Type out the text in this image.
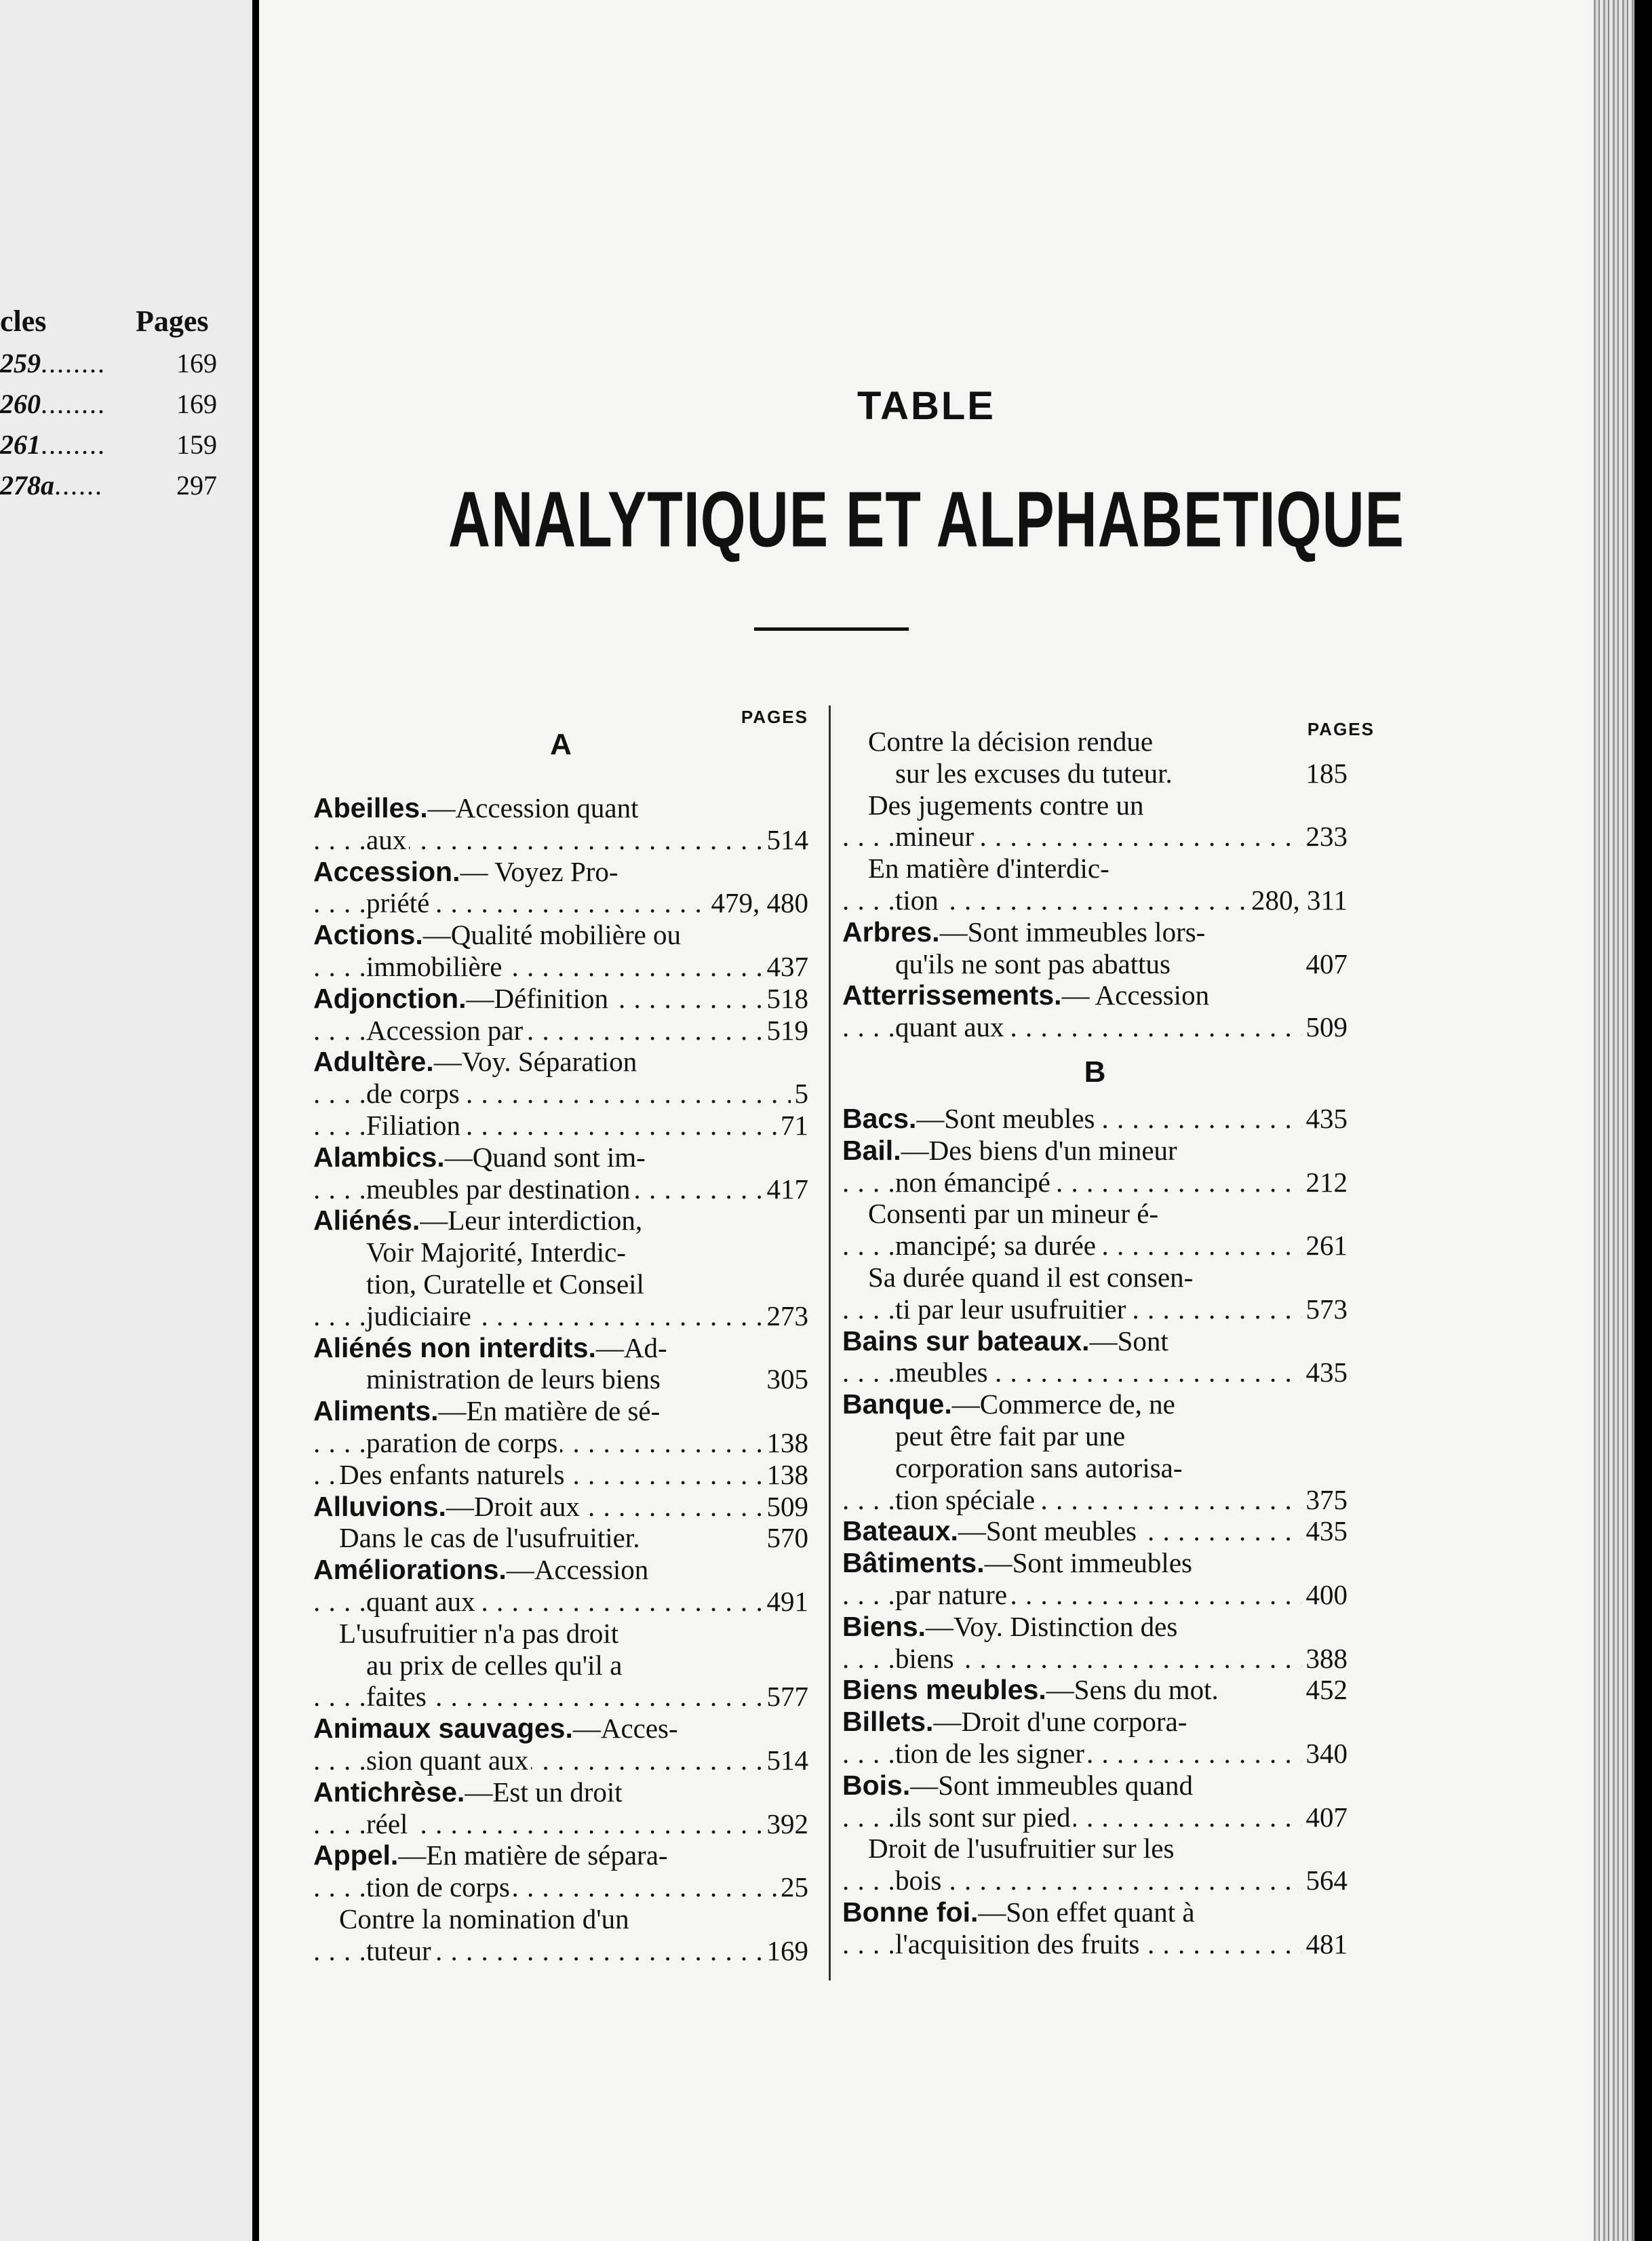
cles	Pages
259........	169
260........	169
261........	159
278a......	297
TABLE
ANALYTIQUE ET ALPHABETIQUE
PAGES
A
Abeilles.—Accession quant
aux	514
. . .
Accession.— Voyez Pro-
priété	479, 480
. . .
Actions.—Qualité mobilière ou
immobilière	437
. . .
Adjonction.—Définition	518
. . .
Accession par	519
. . .
Adultère.—Voy. Séparation
de corps	5
. . .
Filiation	71
. . .
Alambics.—Quand sont im-
meubles par destination	417
. . .
Aliénés.—Leur interdiction,
Voir Majorité, Interdic-
tion, Curatelle et Conseil
judiciaire	273
. . .
Aliénés non interdits.—Ad-
ministration de leurs biens	305
Aliments.—En matière de sé-
paration de corps	138
. . .
Des enfants naturels	138
. . .
Alluvions.—Droit aux	509
. . .
Dans le cas de l'usufruitier.	570
Améliorations.—Accession
quant aux	491
. . .
L'usufruitier n'a pas droit
au prix de celles qu'il a
faites	577
. . .
Animaux sauvages.—Acces-
sion quant aux	514
. . .
Antichrèse.—Est un droit
réel	392
. . .
Appel.—En matière de sépara-
tion de corps	25
. . .
Contre la nomination d'un
tuteur	169
. . .
PAGES
Contre la décision rendue
sur les excuses du tuteur.	185
Des jugements contre un
mineur	233
. . .
En matière d'interdic-
tion	280, 311
. . .
Arbres.—Sont immeubles lors-
qu'ils ne sont pas abattus	407
Atterrissements.— Accession
quant aux	509
. . .
B
Bacs.—Sont meubles	435
. . .
Bail.—Des biens d'un mineur
non émancipé	212
. . .
Consenti par un mineur é-
mancipé; sa durée	261
. . .
Sa durée quand il est consen-
ti par leur usufruitier	573
. . .
Bains sur bateaux.—Sont
meubles	435
. . .
Banque.—Commerce de, ne
peut être fait par une
corporation sans autorisa-
tion spéciale	375
. . .
Bateaux.—Sont meubles	435
. . .
Bâtiments.—Sont immeubles
par nature	400
. . .
Biens.—Voy. Distinction des
biens	388
. . .
Biens meubles.—Sens du mot.	452
Billets.—Droit d'une corpora-
tion de les signer	340
. . .
Bois.—Sont immeubles quand
ils sont sur pied	407
. . .
Droit de l'usufruitier sur les
bois	564
. . .
Bonne foi.—Son effet quant à
l'acquisition des fruits	481
. . .
